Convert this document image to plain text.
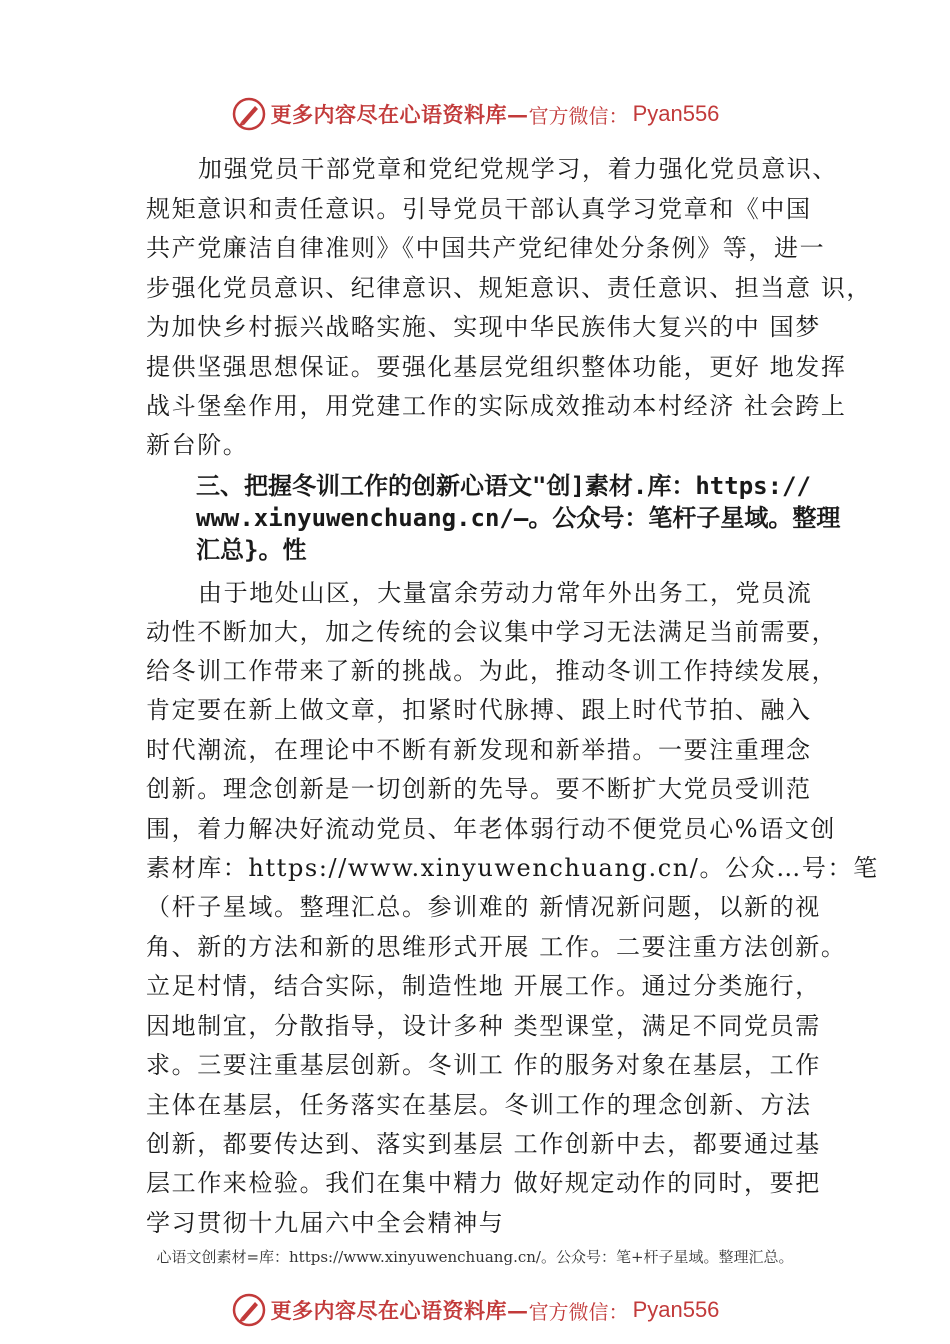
更多内容尽在心语资料库— 官方微信： Pyan556
加强党员干部党章和党纪党规学习，着力强化党员意识、
规矩意识和责任意识。引导党员干部认真学习党章和《中国
共产党廉洁自律准则》《中国共产党纪律处分条例》等，进一
步强化党员意识、纪律意识、规矩意识、责任意识、担当意 识，
为加快乡村振兴战略实施、实现中华民族伟大复兴的中 国梦
提供坚强思想保证。要强化基层党组织整体功能，更好 地发挥
战斗堡垒作用，用党建工作的实际成效推动本村经济 社会跨上
新台阶。
三、把握冬训工作的创新心语文"创]素材.库：https://
www.xinyuwenchuang.cn/—。公众号：笔杆子星域。整理
汇总}。性
由于地处山区，大量富余劳动力常年外出务工，党员流
动性不断加大，加之传统的会议集中学习无法满足当前需要，
给冬训工作带来了新的挑战。为此，推动冬训工作持续发展，
肯定要在新上做文章，扣紧时代脉搏、跟上时代节拍、融入
时代潮流，在理论中不断有新发现和新举措。一要注重理念
创新。理念创新是一切创新的先导。要不断扩大党员受训范
围，着力解决好流动党员、年老体弱行动不便党员心%语文创
素材库：https://www.xinyuwenchuang.cn/。公众…号：笔
（杆子星域。整理汇总。参训难的 新情况新问题，以新的视
角、新的方法和新的思维形式开展 工作。二要注重方法创新。
立足村情，结合实际，制造性地 开展工作。通过分类施行，
因地制宜，分散指导，设计多种 类型课堂，满足不同党员需
求。三要注重基层创新。冬训工 作的服务对象在基层，工作
主体在基层，任务落实在基层。冬训工作的理念创新、方法
创新，都要传达到、落实到基层 工作创新中去，都要通过基
层工作来检验。我们在集中精力 做好规定动作的同时，要把
学习贯彻十九届六中全会精神与
心语文创素材=库：https://www.xinyuwenchuang.cn/。公众号：笔+杆子星域。整理汇总。
更多内容尽在心语资料库— 官方微信： Pyan556
